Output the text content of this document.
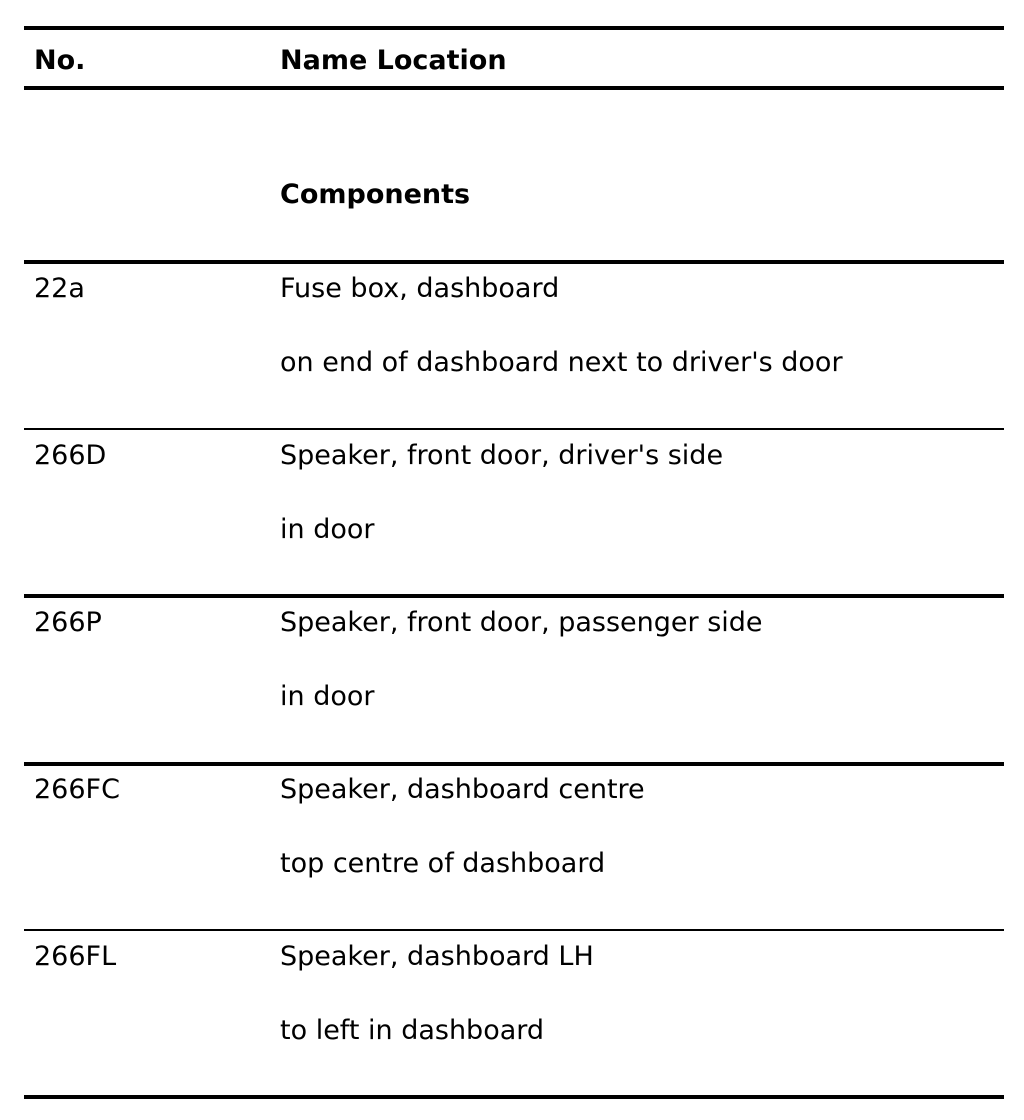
No.	Name Location
Components
22a	Fuse box, dashboard
on end of dashboard next to driver's door
266D	Speaker, front door, driver's side
in door
266P	Speaker, front door, passenger side
in door
266FC	Speaker, dashboard centre
top centre of dashboard
266FL	Speaker, dashboard LH
to left in dashboard
